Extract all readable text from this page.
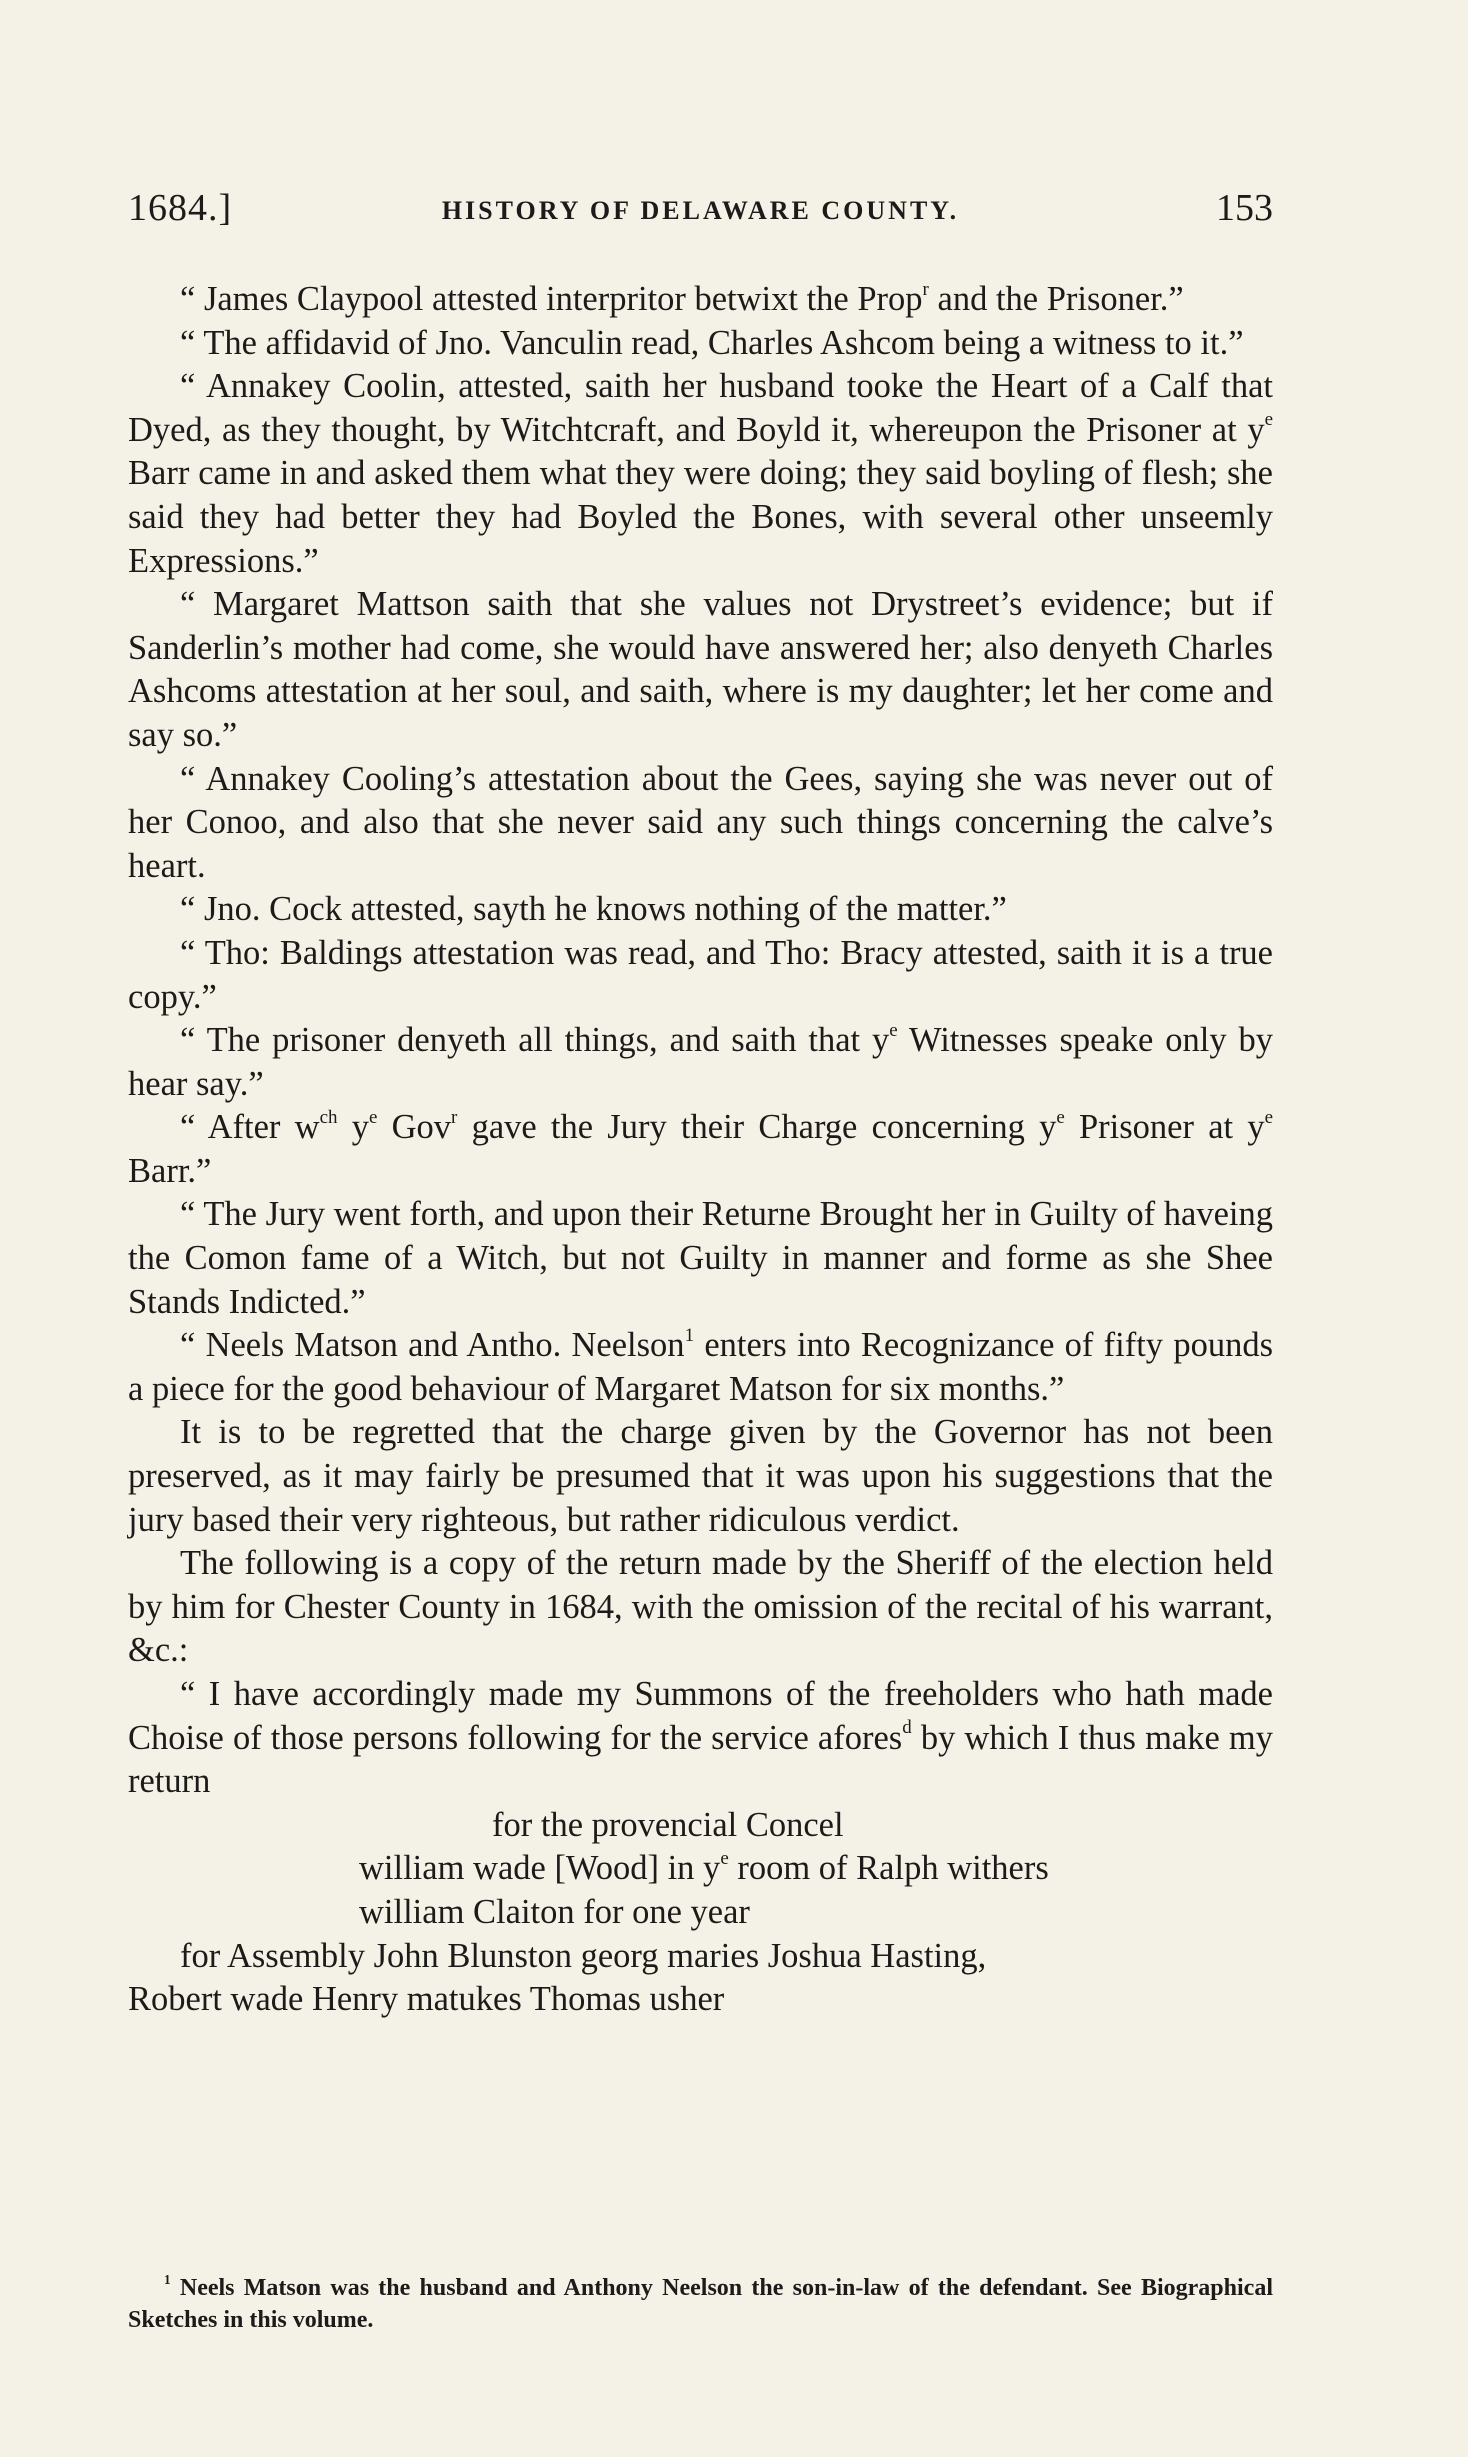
1684.]	HISTORY OF DELAWARE COUNTY.	153

“ James Claypool attested interpritor betwixt the Prop$^r$ and the Prisoner.”

“ The affidavid of Jno. Vanculin read, Charles Ashcom being a witness to it.”

“ Annakey Coolin, attested, saith her husband tooke the Heart of a Calf that Dyed, as they thought, by Witchtcraft, and Boyld it, whereupon the Prisoner at $y^e$ Barr came in and asked them what they were doing; they said boyling of flesh; she said they had better they had Boyled the Bones, with several other unseemly Expressions.”

“ Margaret Mattson saith that she values not Drystreet’s evidence; but if Sanderlin’s mother had come, she would have answered her; also denyeth Charles Ashcoms attestation at her soul, and saith, where is my daughter; let her come and say so.”

“ Annakey Cooling’s attestation about the Gees, saying she was never out of her Conoo, and also that she never said any such things concerning the calve’s heart.

“ Jno. Cock attested, sayth he knows nothing of the matter.”

“ Tho: Baldings attestation was read, and Tho: Bracy attested, saith it is a true copy.”

“ The prisoner denyeth all things, and saith that $y^e$ Witnesses speake only by hear say.”

“ After $w^{ch}$ $y^e$ Gov$^r$ gave the Jury their Charge concerning $y^e$ Prisoner at $y^e$ Barr.”

“ The Jury went forth, and upon their Returne Brought her in Guilty of haveing the Comon fame of a Witch, but not Guilty in manner and forme as she Shee Stands Indicted.”

“ Neels Matson and Antho. Neelson$^1$ enters into Recognizance of fifty pounds a piece for the good behaviour of Margaret Matson for six months.”

It is to be regretted that the charge given by the Governor has not been preserved, as it may fairly be presumed that it was upon his suggestions that the jury based their very righteous, but rather ridiculous verdict.

The following is a copy of the return made by the Sheriff of the election held by him for Chester County in 1684, with the omission of the recital of his warrant, &c.:

“ I have accordingly made my Summons of the freeholders who hath made Choise of those persons following for the service afores$^d$ by which I thus make my return

for the provencial Concel

william wade [Wood] in $y^e$ room of Ralph withers

william Claiton for one year

for Assembly John Blunston georg maries Joshua Hasting,

Robert wade Henry matukes Thomas usher

$^1$ Neels Matson was the husband and Anthony Neelson the son-in-law of the defendant. See Biographical Sketches in this volume.
